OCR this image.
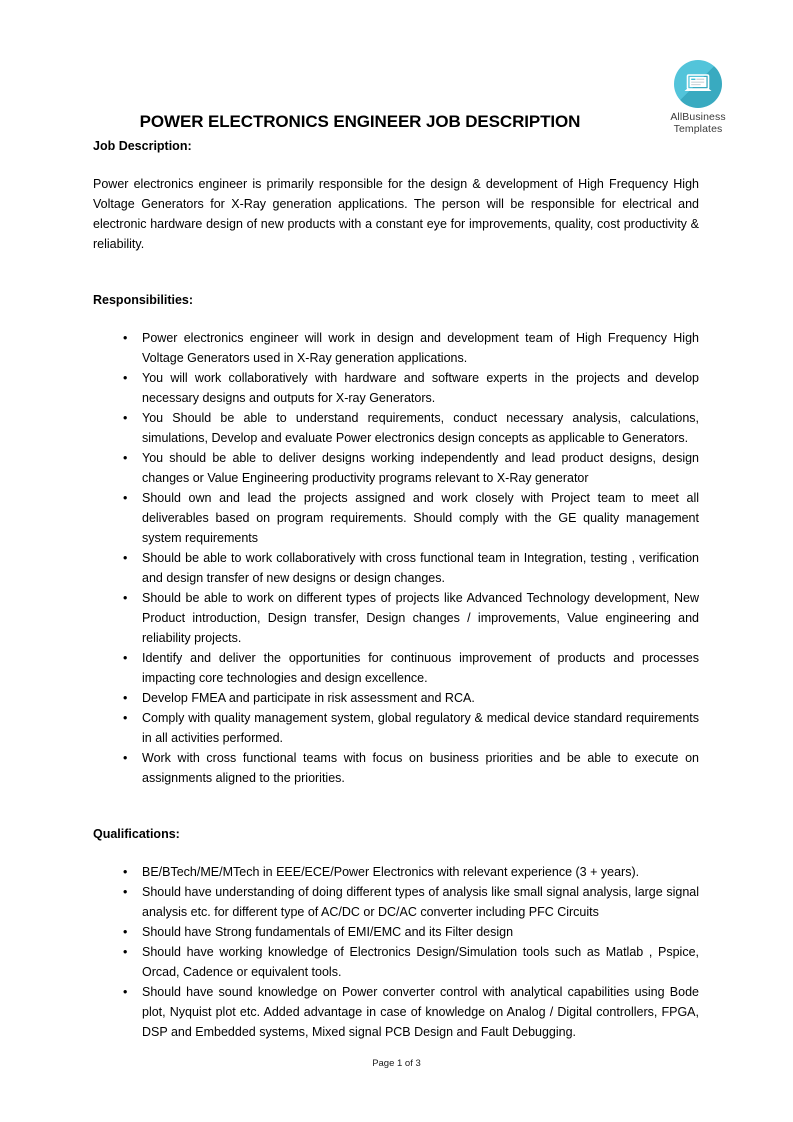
AllBusiness
Templates
POWER ELECTRONICS ENGINEER JOB DESCRIPTION
Job Description:

Power electronics engineer is primarily responsible for the design & development of High Frequency High Voltage Generators for X-Ray generation applications. The person will be responsible for electrical and electronic hardware design of new products with a constant eye for improvements, quality, cost productivity & reliability.

Responsibilities:
• Power electronics engineer will work in design and development team of High Frequency High Voltage Generators used in X-Ray generation applications.
• You will work collaboratively with hardware and software experts in the projects and develop necessary designs and outputs for X-ray Generators.
• You Should be able to understand requirements, conduct necessary analysis, calculations, simulations, Develop and evaluate Power electronics design concepts as applicable to Generators.
• You should be able to deliver designs working independently and lead product designs, design changes or Value Engineering productivity programs relevant to X-Ray generator
• Should own and lead the projects assigned and work closely with Project team to meet all deliverables based on program requirements. Should comply with the GE quality management system requirements
• Should be able to work collaboratively with cross functional team in Integration, testing , verification and design transfer of new designs or design changes.
• Should be able to work on different types of projects like Advanced Technology development, New Product introduction, Design transfer, Design changes / improvements, Value engineering and reliability projects.
• Identify and deliver the opportunities for continuous improvement of products and processes impacting core technologies and design excellence.
• Develop FMEA and participate in risk assessment and RCA.
• Comply with quality management system, global regulatory & medical device standard requirements in all activities performed.
• Work with cross functional teams with focus on business priorities and be able to execute on assignments aligned to the priorities.
Qualifications:
• BE/BTech/ME/MTech in EEE/ECE/Power Electronics with relevant experience (3 + years).
• Should have understanding of doing different types of analysis like small signal analysis, large signal analysis etc. for different type of AC/DC or DC/AC converter including PFC Circuits
• Should have Strong fundamentals of EMI/EMC and its Filter design
• Should have working knowledge of Electronics Design/Simulation tools such as Matlab , Pspice, Orcad, Cadence or equivalent tools.
• Should have sound knowledge on Power converter control with analytical capabilities using Bode plot, Nyquist plot etc. Added advantage in case of knowledge on Analog / Digital controllers, FPGA, DSP and Embedded systems, Mixed signal PCB Design and Fault Debugging.
Page 1 of 3
